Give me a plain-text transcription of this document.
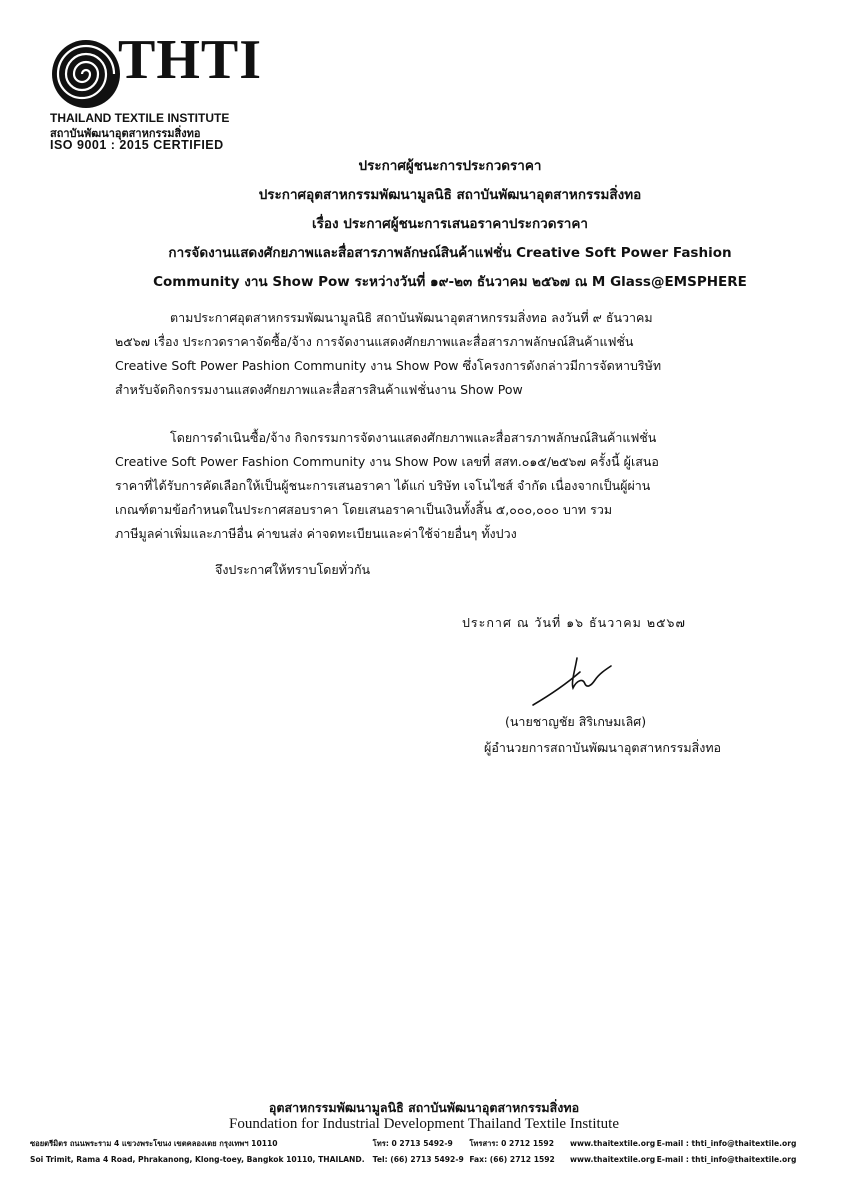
THTI
THAILAND TEXTILE INSTITUTE
สถาบันพัฒนาอุตสาหกรรมสิ่งทอ
ISO 9001 : 2015 CERTIFIED
ประกาศผู้ชนะการประกวดราคา
ประกาศอุตสาหกรรมพัฒนามูลนิธิ สถาบันพัฒนาอุตสาหกรรมสิ่งทอ
เรื่อง ประกาศผู้ชนะการเสนอราคาประกวดราคา
การจัดงานแสดงศักยภาพและสื่อสารภาพลักษณ์สินค้าแฟชั่น Creative Soft Power Fashion
Community งาน Show Pow ระหว่างวันที่ ๑๙-๒๓ ธันวาคม ๒๕๖๗ ณ M Glass@EMSPHERE
ตามประกาศอุตสาหกรรมพัฒนามูลนิธิ สถาบันพัฒนาอุตสาหกรรมสิ่งทอ ลงวันที่ ๙ ธันวาคม
๒๕๖๗ เรื่อง ประกวดราคาจัดซื้อ/จ้าง การจัดงานแสดงศักยภาพและสื่อสารภาพลักษณ์สินค้าแฟชั่น
Creative Soft Power Pashion Community งาน Show Pow ซึ่งโครงการดังกล่าวมีการจัดหาบริษัท
สำหรับจัดกิจกรรมงานแสดงศักยภาพและสื่อสารสินค้าแฟชั่นงาน Show Pow
โดยการดำเนินซื้อ/จ้าง กิจกรรมการจัดงานแสดงศักยภาพและสื่อสารภาพลักษณ์สินค้าแฟชั่น
Creative Soft Power Fashion Community งาน Show Pow เลขที่ สสท.๐๑๕/๒๕๖๗ ครั้งนี้ ผู้เสนอ
ราคาที่ได้รับการคัดเลือกให้เป็นผู้ชนะการเสนอราคา ได้แก่ บริษัท เจโนไซส์ จำกัด เนื่องจากเป็นผู้ผ่าน
เกณฑ์ตามข้อกำหนดในประกาศสอบราคา โดยเสนอราคาเป็นเงินทั้งสิ้น ๕,๐๐๐,๐๐๐ บาท รวม
ภาษีมูลค่าเพิ่มและภาษีอื่น ค่าขนส่ง ค่าจดทะเบียนและค่าใช้จ่ายอื่นๆ ทั้งปวง
จึงประกาศให้ทราบโดยทั่วกัน
ประกาศ ณ วันที่ ๑๖ ธันวาคม ๒๕๖๗
(นายชาญชัย สิริเกษมเลิศ)
ผู้อำนวยการสถาบันพัฒนาอุตสาหกรรมสิ่งทอ
อุตสาหกรรมพัฒนามูลนิธิ สถาบันพัฒนาอุตสาหกรรมสิ่งทอ
Foundation for Industrial Development Thailand Textile Institute
ซอยตรีมิตร ถนนพระราม 4 แขวงพระโขนง เขตคลองเตย กรุงเทพฯ 10110	โทร: 0 2713 5492-9 โทรสาร: 0 2712 1592 www.thaitextile.org E-mail : thti_info@thaitextile.org
Soi Trimit, Rama 4 Road, Phrakanong, Klong-toey, Bangkok 10110, THAILAND. Tel: (66) 2713 5492-9 Fax: (66) 2712 1592 www.thaitextile.org E-mail : thti_info@thaitextile.org
